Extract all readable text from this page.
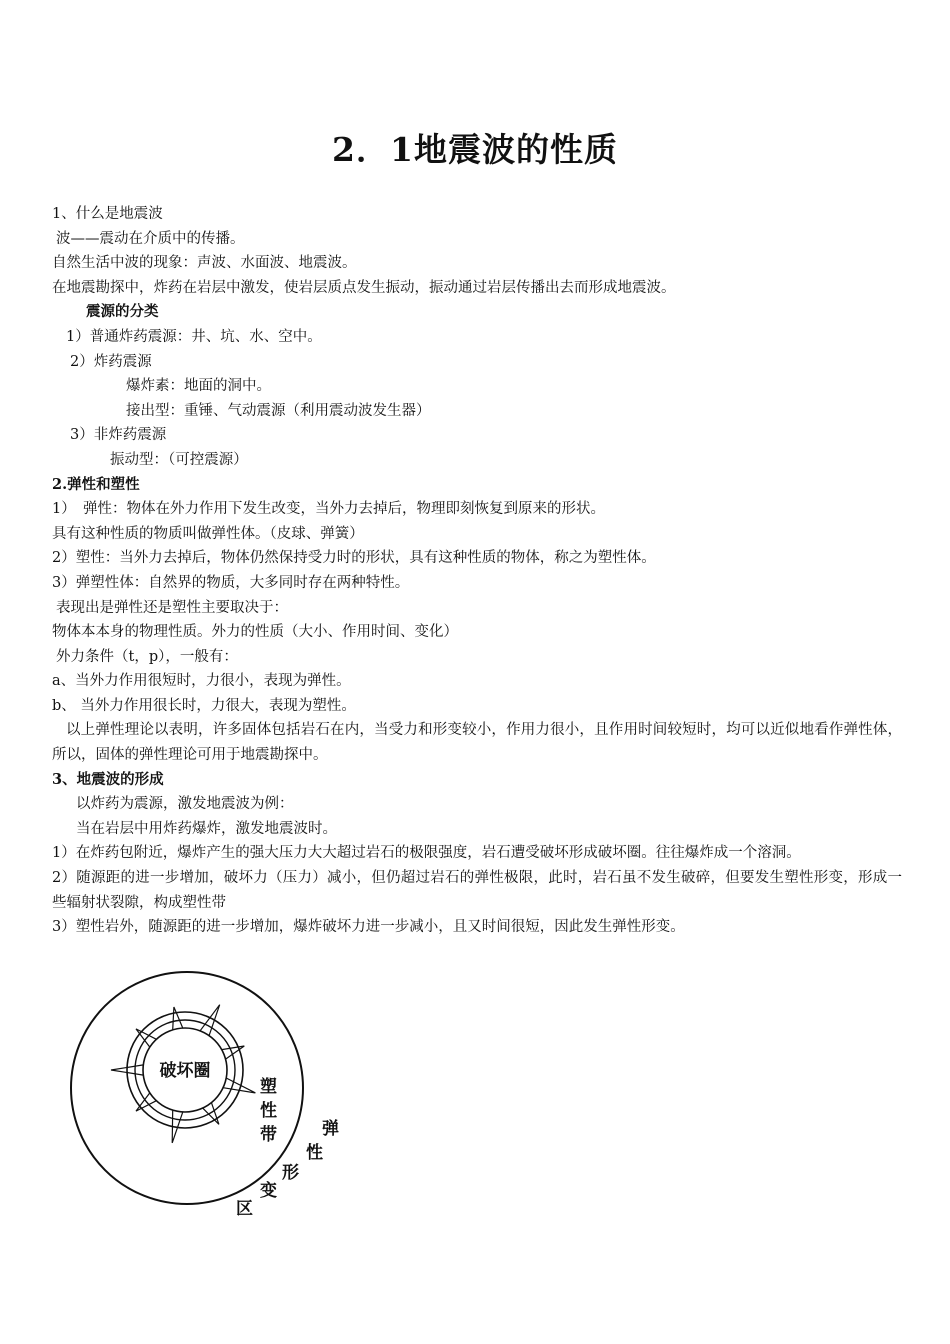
2．1地震波的性质
1、什么是地震波
波——震动在介质中的传播。
自然生活中波的现象：声波、水面波、地震波。
在地震勘探中，炸药在岩层中激发，使岩层质点发生振动，振动通过岩层传播出去而形成地震波。
震源的分类
1）普通炸药震源：井、坑、水、空中。
2）炸药震源
爆炸素：地面的洞中。
接出型：重锤、气动震源（利用震动波发生器）
3）非炸药震源
振动型：（可控震源）
2.弹性和塑性
1）　弹性：物体在外力作用下发生改变，当外力去掉后，物理即刻恢复到原来的形状。
具有这种性质的物质叫做弹性体。（皮球、弹簧）
2）塑性：当外力去掉后，物体仍然保持受力时的形状，具有这种性质的物体，称之为塑性体。
3）弹塑性体：自然界的物质，大多同时存在两种特性。
表现出是弹性还是塑性主要取决于：
物体本本身的物理性质。外力的性质（大小、作用时间、变化）
外力条件（t，p），一般有：
a、当外力作用很短时，力很小，表现为弹性。
b、 当外力作用很长时，力很大，表现为塑性。
以上弹性理论以表明，许多固体包括岩石在内，当受力和形变较小，作用力很小，且作用时间较短时，均可以近似地看作弹性体，所以，固体的弹性理论可用于地震勘探中。
3、地震波的形成
以炸药为震源，激发地震波为例：
当在岩层中用炸药爆炸，激发地震波时。
1）在炸药包附近，爆炸产生的强大压力大大超过岩石的极限强度，岩石遭受破坏形成破坏圈。往往爆炸成一个溶洞。
2）随源距的进一步增加，破坏力（压力）减小，但仍超过岩石的弹性极限，此时，岩石虽不发生破碎，但要发生塑性形变，形成一些辐射状裂隙，构成塑性带
3）塑性岩外，随源距的进一步增加，爆炸破坏力进一步减小，且又时间很短，因此发生弹性形变。
破坏圈
塑
性
带	弹
性
形
变
区
